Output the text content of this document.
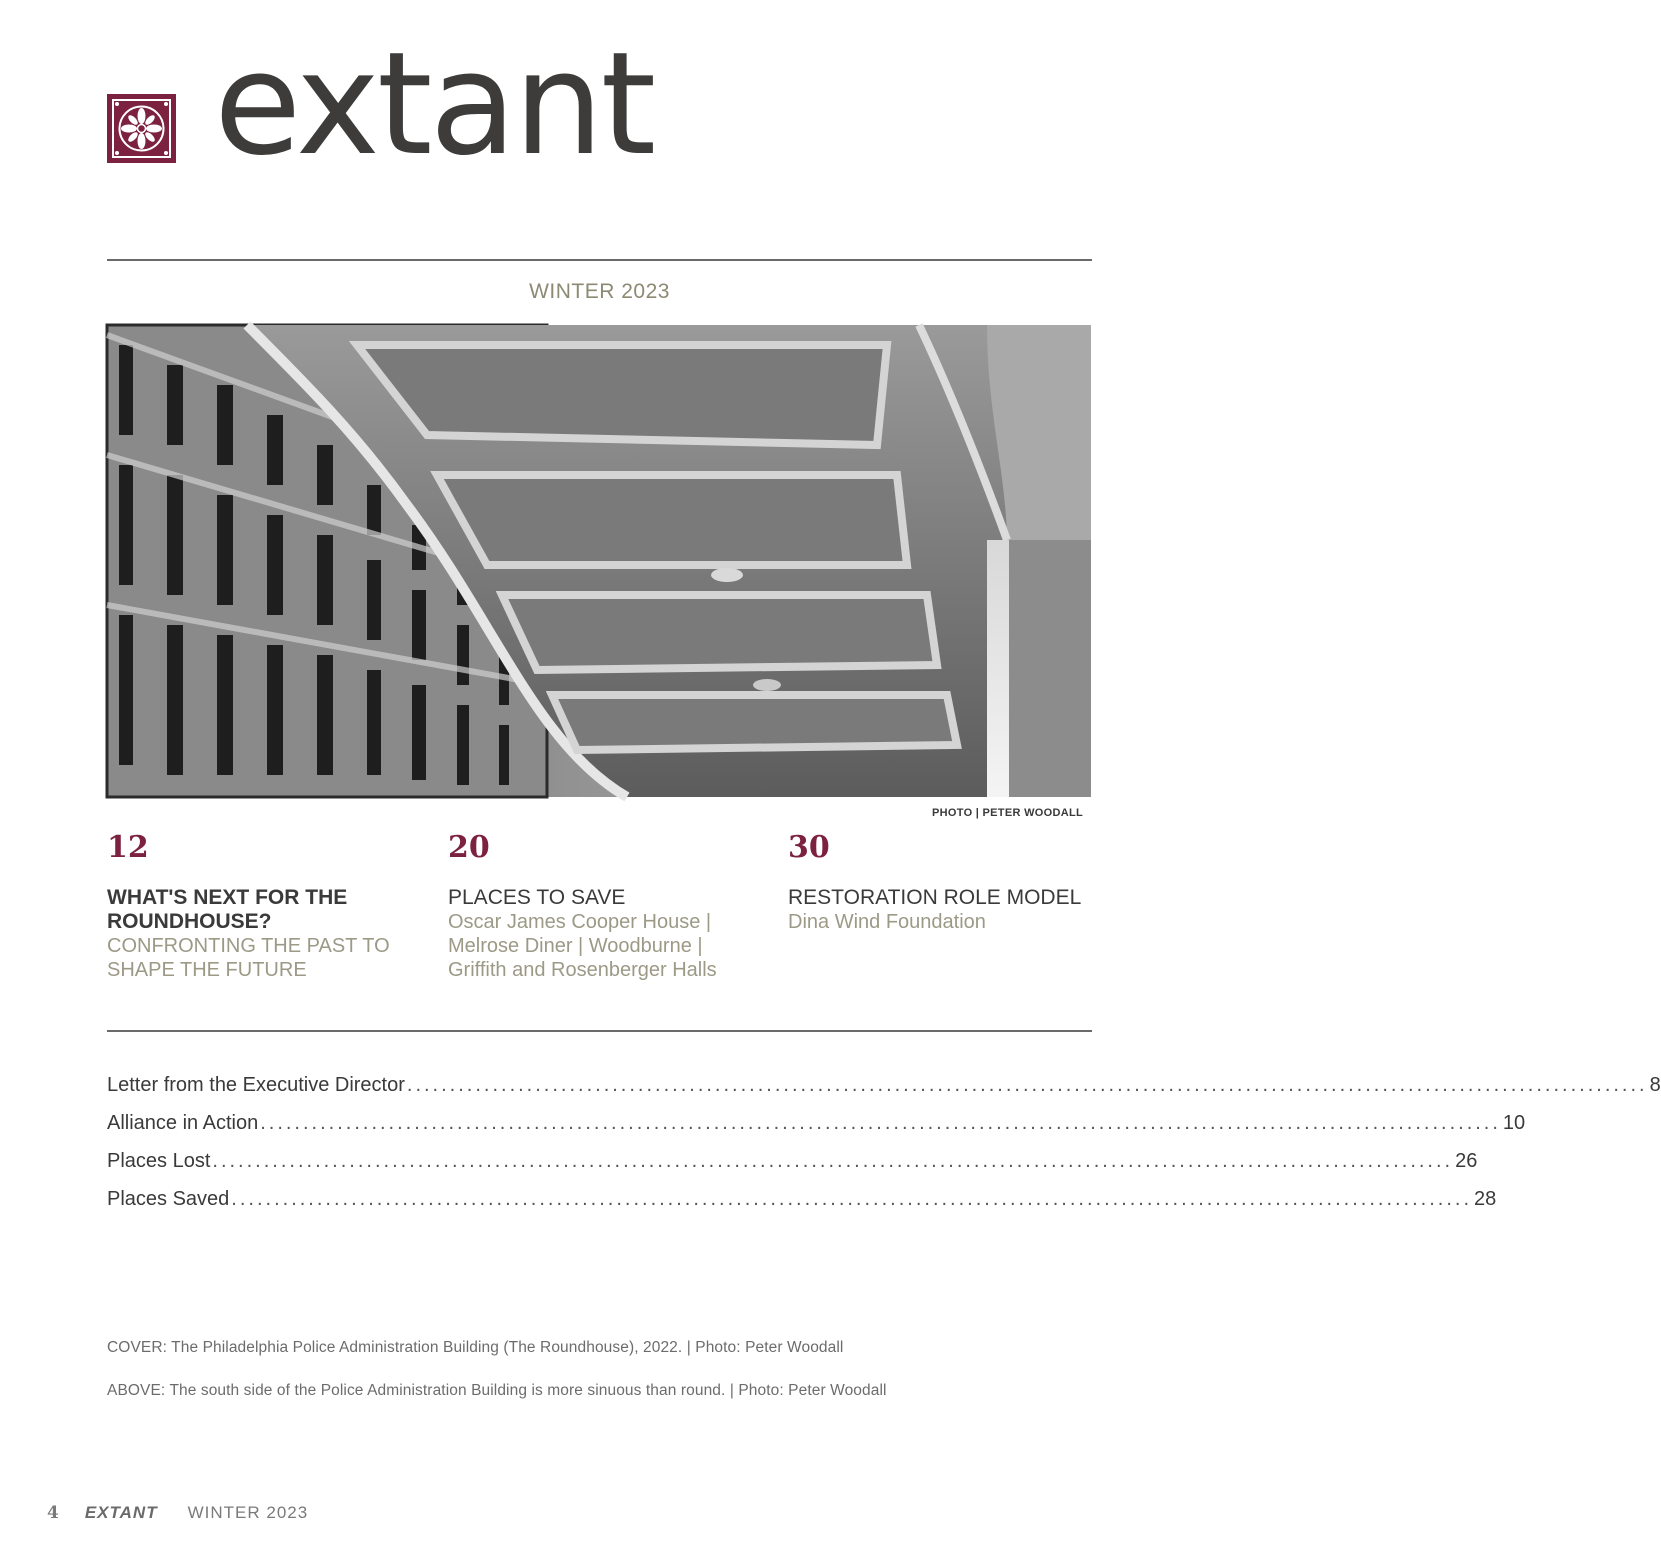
extant
WINTER 2023
PHOTO | PETER WOODALL
12
WHAT'S NEXT FOR THE ROUNDHOUSE?
CONFRONTING THE PAST TO SHAPE THE FUTURE
20
PLACES TO SAVE
Oscar James Cooper House | Melrose Diner | Woodburne | Griffith and Rosenberger Halls
30
RESTORATION ROLE MODEL
Dina Wind Foundation
Letter from the Executive Director ................................................................................................................................................. 8
Alliance in Action ................................................................................................................................................. 10
Places Lost ................................................................................................................................................. 26
Places Saved ................................................................................................................................................. 28
COVER: The Philadelphia Police Administration Building (The Roundhouse), 2022. | Photo: Peter Woodall
ABOVE: The south side of the Police Administration Building is more sinuous than round. | Photo: Peter Woodall
4 EXTANT WINTER 2023
